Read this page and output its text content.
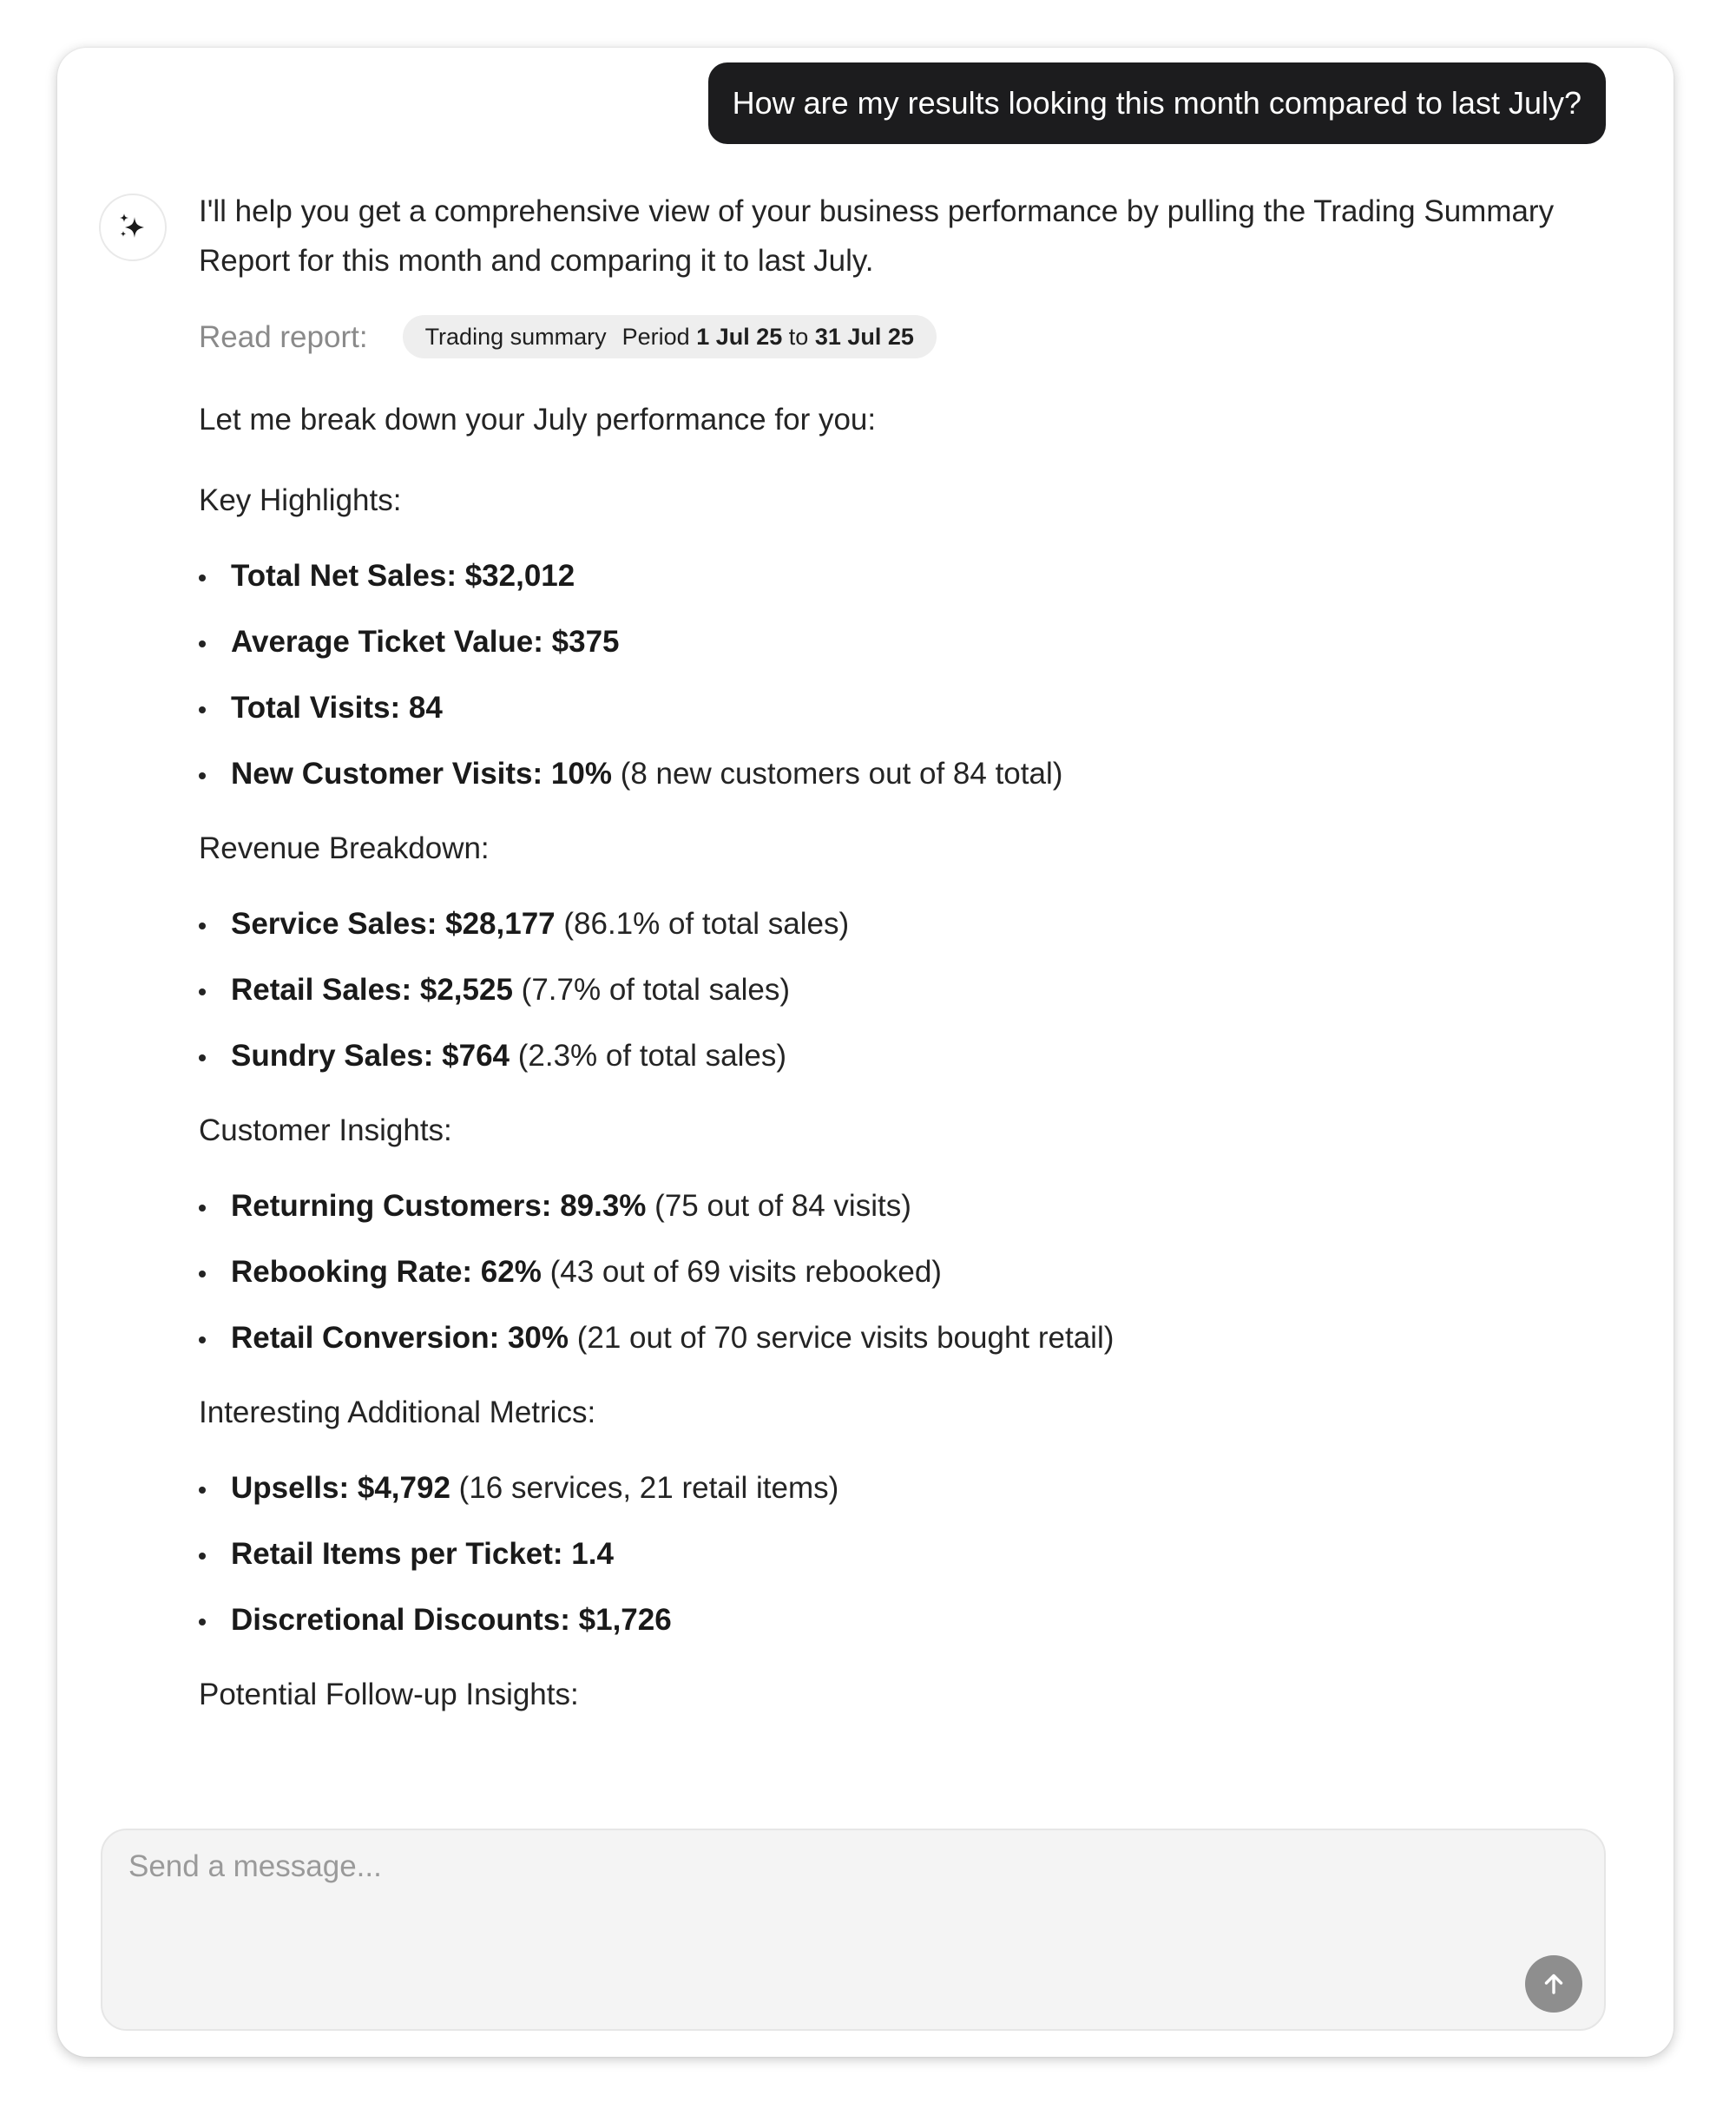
How are my results looking this month compared to last July?

I'll help you get a comprehensive view of your business performance by pulling the Trading Summary Report for this month and comparing it to last July.

Read report:	Trading summary Period 1 Jul 25 to 31 Jul 25

Let me break down your July performance for you:

Key Highlights:

Total Net Sales: $32,012
Average Ticket Value: $375
Total Visits: 84
New Customer Visits: 10% (8 new customers out of 84 total)

Revenue Breakdown:

Service Sales: $28,177 (86.1% of total sales)
Retail Sales: $2,525 (7.7% of total sales)
Sundry Sales: $764 (2.3% of total sales)

Customer Insights:

Returning Customers: 89.3% (75 out of 84 visits)
Rebooking Rate: 62% (43 out of 69 visits rebooked)
Retail Conversion: 30% (21 out of 70 service visits bought retail)

Interesting Additional Metrics:

Upsells: $4,792 (16 services, 21 retail items)
Retail Items per Ticket: 1.4
Discretional Discounts: $1,726

Potential Follow-up Insights:

Send a message...
